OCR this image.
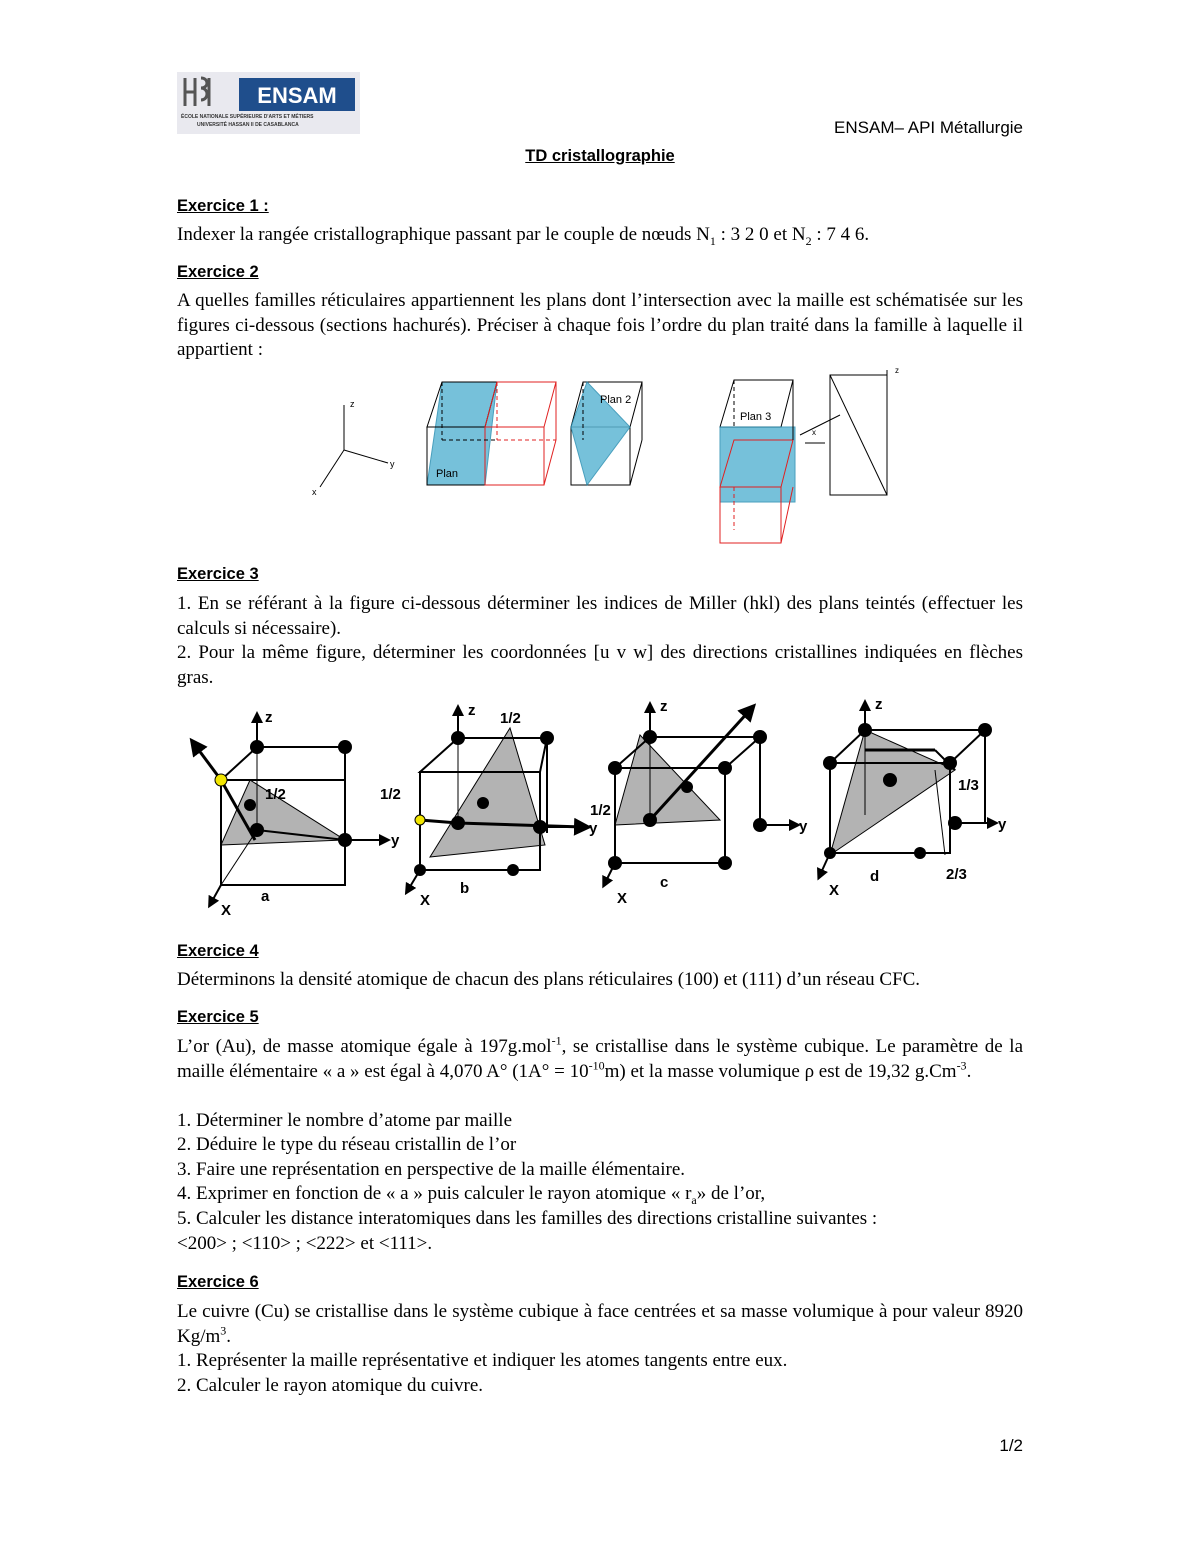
ENSAM
ÉCOLE NATIONALE SUPÉRIEURE D'ARTS ET MÉTIERS
UNIVERSITÉ HASSAN II DE CASABLANCA	ENSAM– API Métallurgie
TD cristallographie
Exercice 1 :
Indexer la rangée cristallographique passant par le couple de nœuds $N_1$ : 3 2 0 et $N_2$ : 7 4 6.
Exercice 2
A quelles familles réticulaires appartiennent les plans dont l’intersection avec la maille est schématisée sur les figures ci-dessous (sections hachurés). Préciser à chaque fois l’ordre du plan traité dans la famille à laquelle il appartient :
z
y
x
Plan
Plan 2
Plan 3
z
x
Exercice 3
1. En se référant à la figure ci-dessous déterminer les indices de Miller (hkl) des plans teintés (effectuer les calculs si nécessaire).
2. Pour la même figure, déterminer les coordonnées [u v w] des directions cristallines indiquées en flèches gras.
z
y
X
1/2
a
z 1/2
y
1/2
X
b
z
y
1/2
X
c
z
1/3
y
2/3
X
d
Exercice 4
Déterminons la densité atomique de chacun des plans réticulaires (100) et (111) d’un réseau CFC.
Exercice 5
L’or (Au), de masse atomique égale à 197g.mol$^{-1}$, se cristallise dans le système cubique. Le paramètre de la maille élémentaire « a » est égal à 4,070 A° $(1A^\circ = 10^{-10}m)$ et la masse volumique ρ est de 19,32 $g.Cm^{-3}$.
1. Déterminer le nombre d’atome par maille
2. Déduire le type du réseau cristallin de l’or
3. Faire une représentation en perspective de la maille élémentaire.
4. Exprimer en fonction de « a » puis calculer le rayon atomique « $r_a$» de l’or,
5. Calculer les distance interatomiques dans les familles des directions cristalline suivantes :
<200> ; <110> ; <222> et <111>.
Exercice 6
Le cuivre (Cu) se cristallise dans le système cubique à face centrées et sa masse volumique à pour valeur 8920 $Kg/m^3$.
1. Représenter la maille représentative et indiquer les atomes tangents entre eux.
2. Calculer le rayon atomique du cuivre.
1/2
